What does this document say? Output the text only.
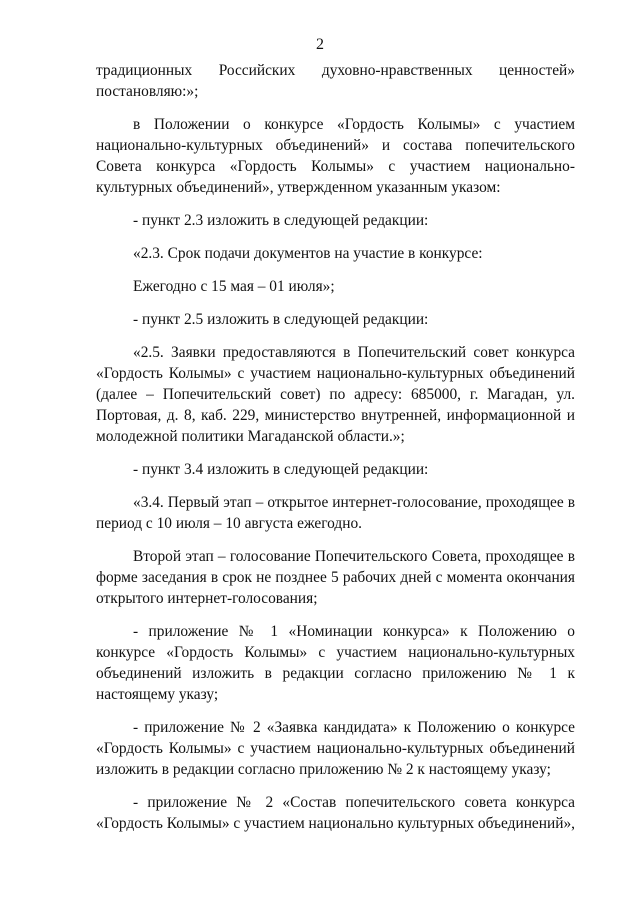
2

традиционных Российских духовно-нравственных ценностей» постановляю:»;

в Положении о конкурсе «Гордость Колымы» с участием национально-культурных объединений» и состава попечительского Совета конкурса «Гордость Колымы» с участием национально-культурных объединений», утвержденном указанным указом:

- пункт 2.3 изложить в следующей редакции:

«2.3. Срок подачи документов на участие в конкурсе:

Ежегодно с 15 мая – 01 июля»;

- пункт 2.5 изложить в следующей редакции:

«2.5. Заявки предоставляются в Попечительский совет конкурса «Гордость Колымы» с участием национально-культурных объединений (далее – Попечительский совет) по адресу: 685000, г. Магадан, ул. Портовая, д. 8, каб. 229, министерство внутренней, информационной и молодежной политики Магаданской области.»;

- пункт 3.4 изложить в следующей редакции:

«3.4. Первый этап – открытое интернет-голосование, проходящее в период с 10 июля – 10 августа ежегодно.

Второй этап – голосование Попечительского Совета, проходящее в форме заседания в срок не позднее 5 рабочих дней с момента окончания открытого интернет-голосования;

- приложение № 1 «Номинации конкурса» к Положению о конкурсе «Гордость Колымы» с участием национально-культурных объединений изложить в редакции согласно приложению № 1 к настоящему указу;

- приложение № 2 «Заявка кандидата» к Положению о конкурсе «Гордость Колымы» с участием национально-культурных объединений изложить в редакции согласно приложению № 2 к настоящему указу;

- приложение № 2 «Состав попечительского совета конкурса «Гордость Колымы» с участием национально культурных объединений»,
